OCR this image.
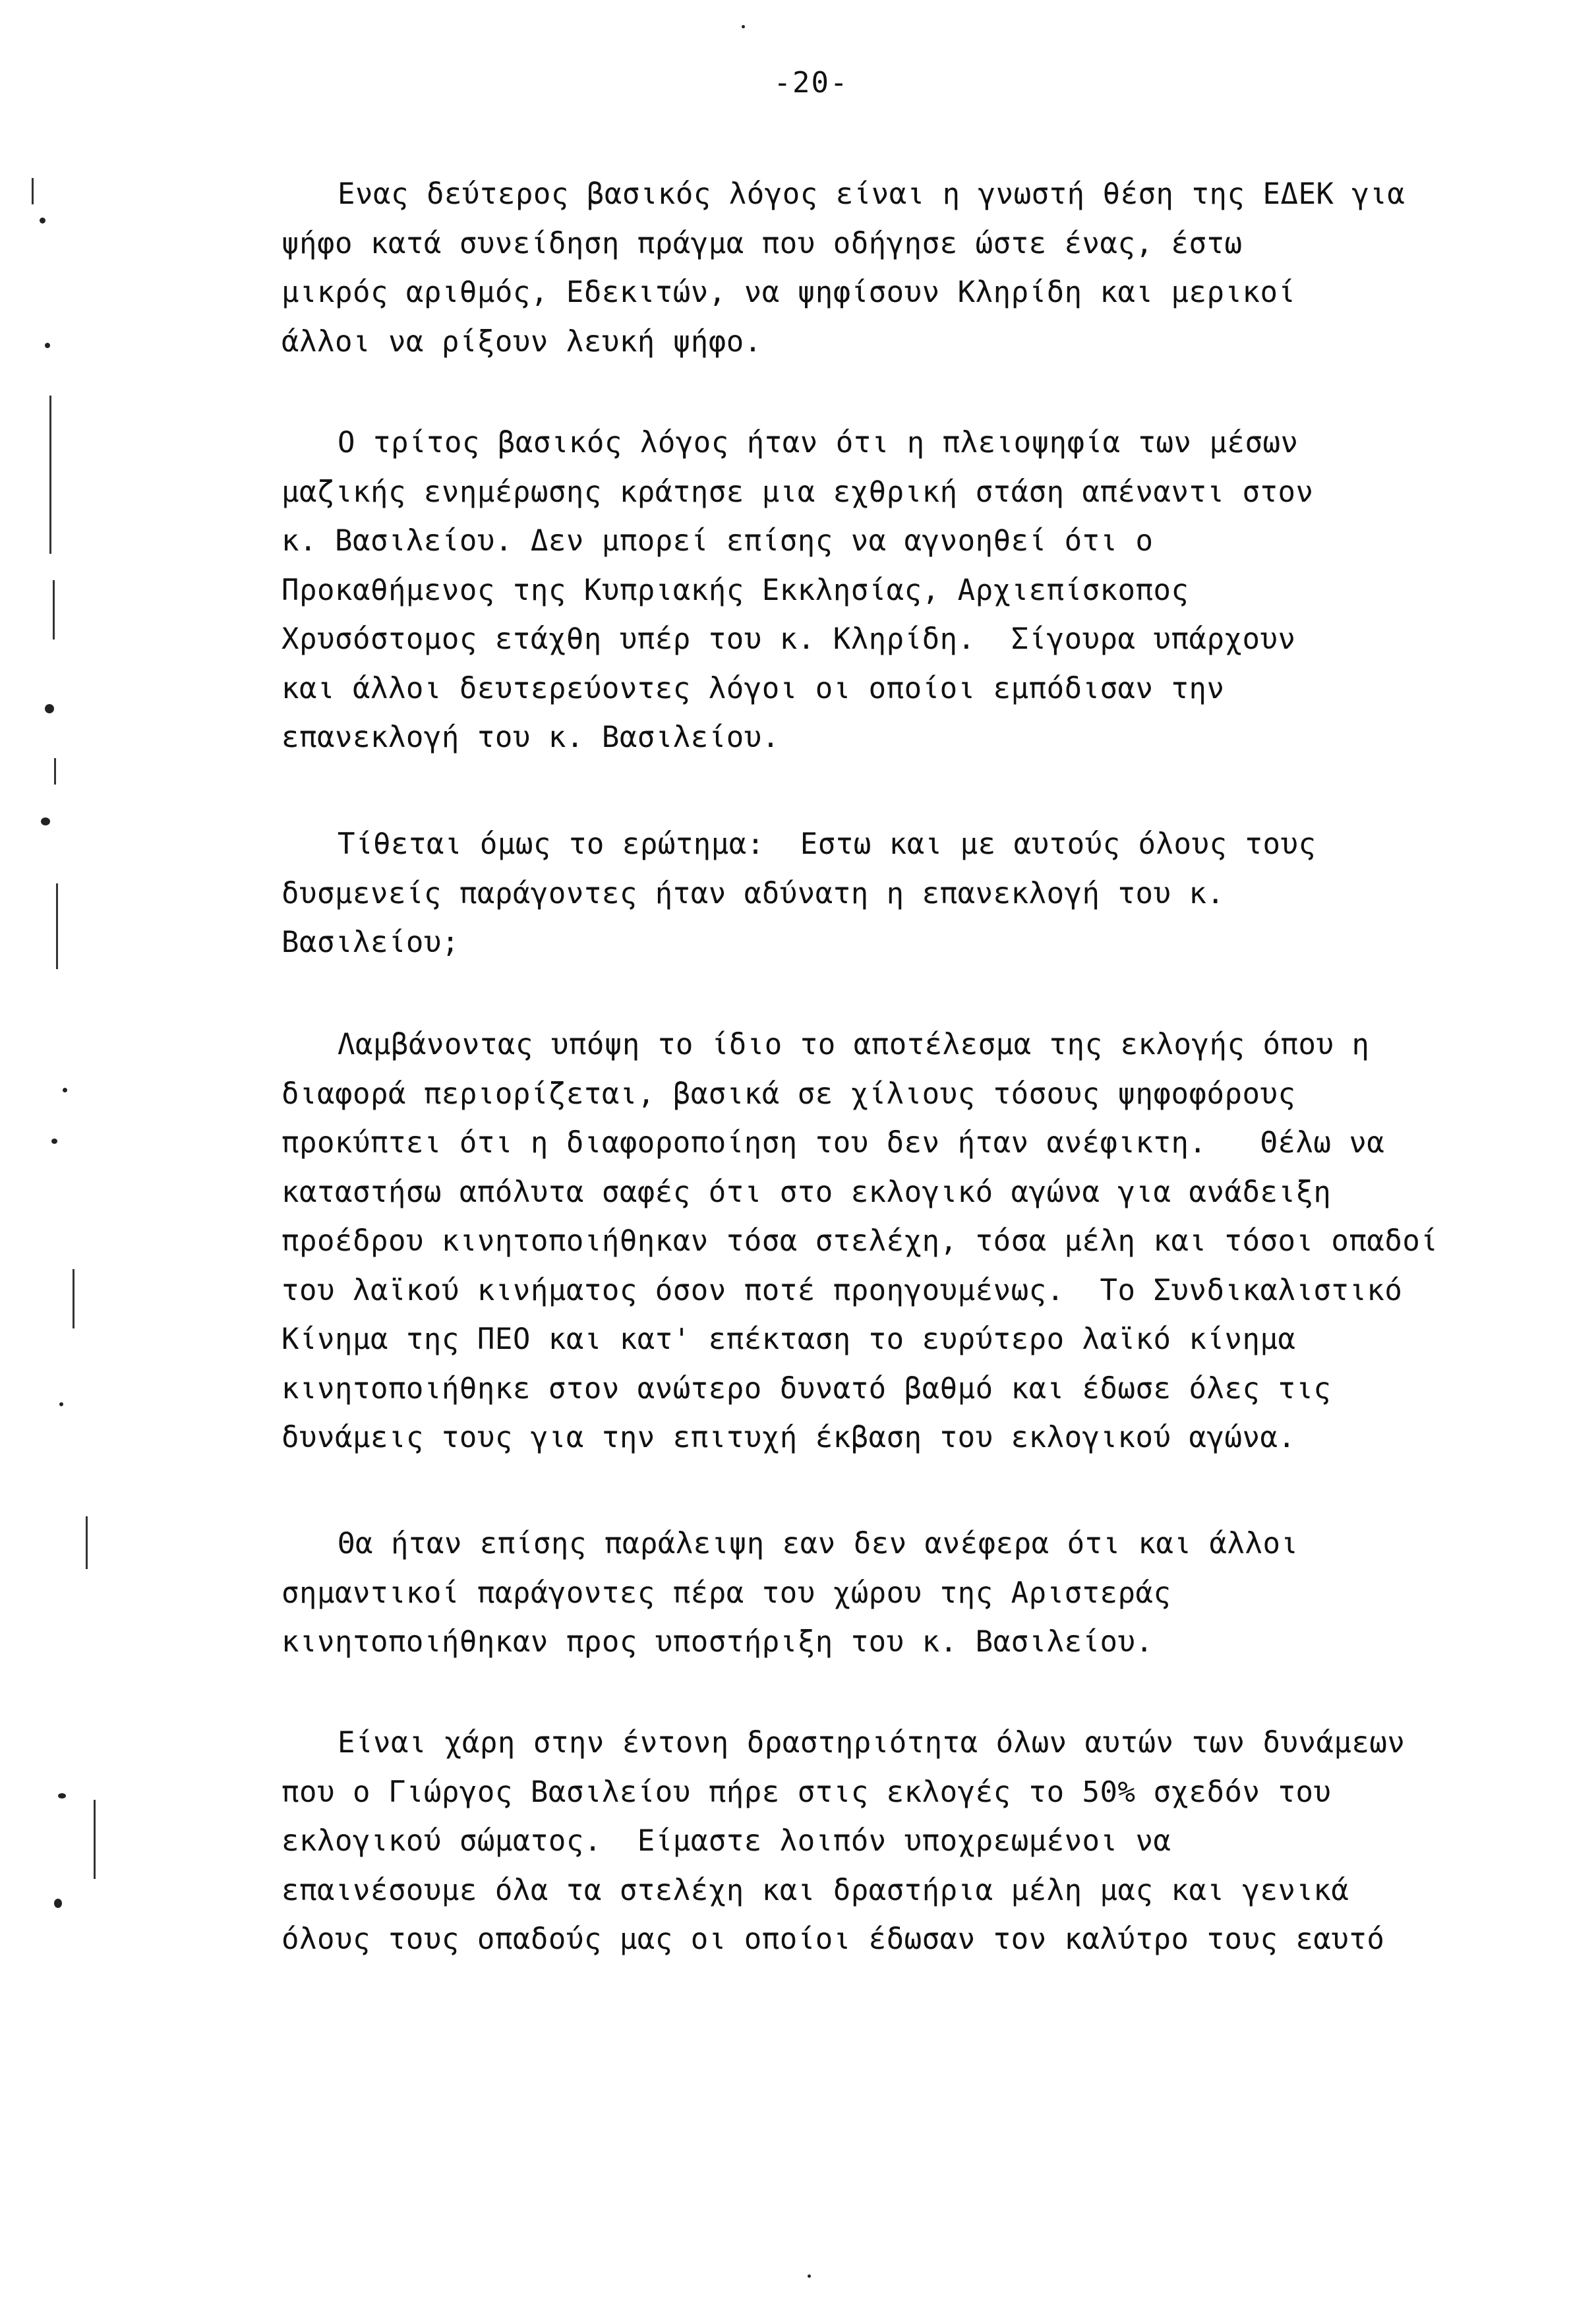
-20-
Ενας δεύτερος βασικός λόγος είναι η γνωστή θέση της ΕΔΕΚ για
ψήφο κατά συνείδηση πράγμα που οδήγησε ώστε ένας, έστω
μικρός αριθμός, Εδεκιτών, να ψηφίσουν Κληρίδη και μερικοί
άλλοι να ρίξουν λευκή ψήφο.
Ο τρίτος βασικός λόγος ήταν ότι η πλειοψηφία των μέσων
μαζικής ενημέρωσης κράτησε μια εχθρική στάση απέναντι στον
κ. Βασιλείου. Δεν μπορεί επίσης να αγνοηθεί ότι ο
Προκαθήμενος της Κυπριακής Εκκλησίας, Αρχιεπίσκοπος
Χρυσόστομος ετάχθη υπέρ του κ. Κληρίδη.  Σίγουρα υπάρχουν
και άλλοι δευτερεύοντες λόγοι οι οποίοι εμπόδισαν την
επανεκλογή του κ. Βασιλείου.
Τίθεται όμως το ερώτημα:  Εστω και με αυτούς όλους τους
δυσμενείς παράγοντες ήταν αδύνατη η επανεκλογή του κ.
Βασιλείου;
Λαμβάνοντας υπόψη το ίδιο το αποτέλεσμα της εκλογής όπου η
διαφορά περιορίζεται, βασικά σε χίλιους τόσους ψηφοφόρους
προκύπτει ότι η διαφοροποίηση του δεν ήταν ανέφικτη.   Θέλω να
καταστήσω απόλυτα σαφές ότι στο εκλογικό αγώνα για ανάδειξη
προέδρου κινητοποιήθηκαν τόσα στελέχη, τόσα μέλη και τόσοι οπαδοί
του λαϊκού κινήματος όσον ποτέ προηγουμένως.  Το Συνδικαλιστικό
Κίνημα της ΠΕΟ και κατ' επέκταση το ευρύτερο λαϊκό κίνημα
κινητοποιήθηκε στον ανώτερο δυνατό βαθμό και έδωσε όλες τις
δυνάμεις τους για την επιτυχή έκβαση του εκλογικού αγώνα.
Θα ήταν επίσης παράλειψη εαν δεν ανέφερα ότι και άλλοι
σημαντικοί παράγοντες πέρα του χώρου της Αριστεράς
κινητοποιήθηκαν προς υποστήριξη του κ. Βασιλείου.
Είναι χάρη στην έντονη δραστηριότητα όλων αυτών των δυνάμεων
που ο Γιώργος Βασιλείου πήρε στις εκλογές το 50% σχεδόν του
εκλογικού σώματος.  Είμαστε λοιπόν υποχρεωμένοι να
επαινέσουμε όλα τα στελέχη και δραστήρια μέλη μας και γενικά
όλους τους οπαδούς μας οι οποίοι έδωσαν τον καλύτρο τους εαυτό
